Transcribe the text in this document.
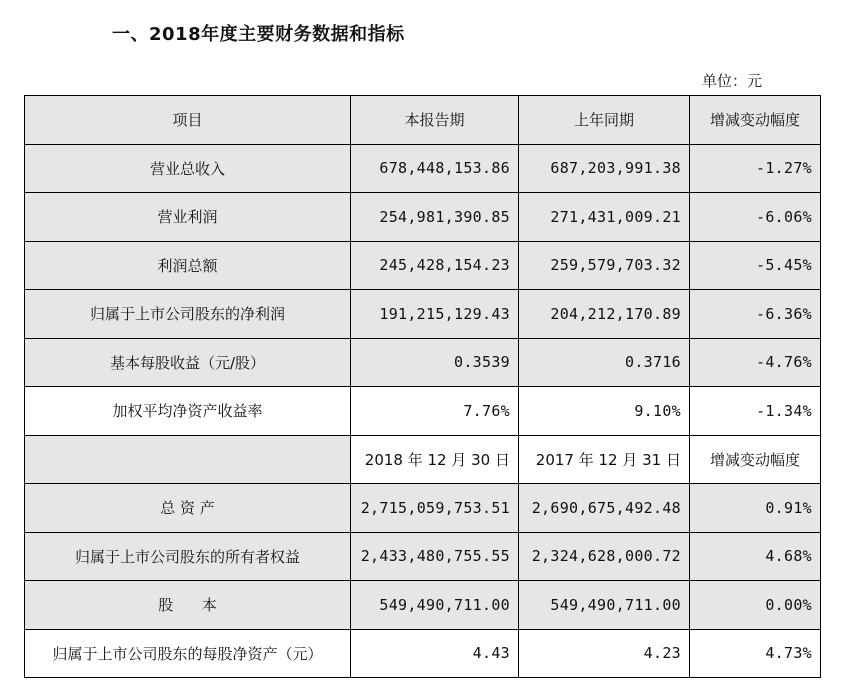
一、2018年度主要财务数据和指标
单位：元
项目	本报告期	上年同期	增减变动幅度
营业总收入	678,448,153.86	687,203,991.38	-1.27%
营业利润	254,981,390.85	271,431,009.21	-6.06%
利润总额	245,428,154.23	259,579,703.32	-5.45%
归属于上市公司股东的净利润	191,215,129.43	204,212,170.89	-6.36%
基本每股收益（元/股）	0.3539	0.3716	-4.76%
加权平均净资产收益率	7.76%	9.10%	-1.34%
	2018 年 12 月 30 日	2017 年 12 月 31 日	增减变动幅度
总 资 产	2,715,059,753.51	2,690,675,492.48	0.91%
归属于上市公司股东的所有者权益	2,433,480,755.55	2,324,628,000.72	4.68%
股      本	549,490,711.00	549,490,711.00	0.00%
归属于上市公司股东的每股净资产（元）	4.43	4.23	4.73%
